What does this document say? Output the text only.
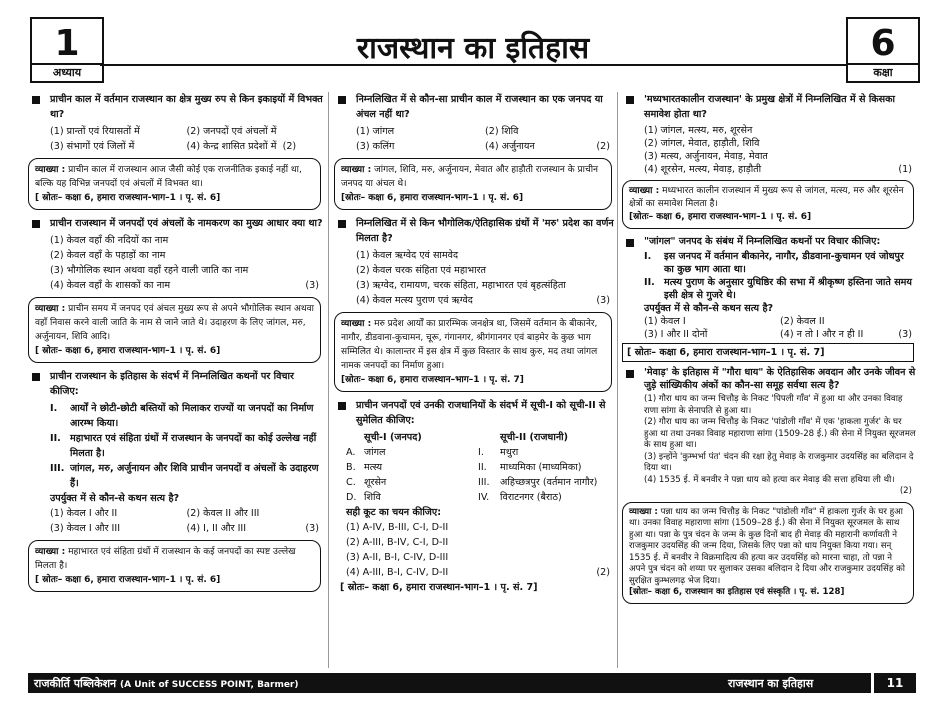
1
अध्याय
राजस्थान का इतिहास	6
कक्षा
प्राचीन काल में वर्तमान राजस्थान का क्षेत्र मुख्य रुप से किन इकाइयों में विभक्त था?
(1) प्रान्तों एवं रियासतों में	(2) जनपदों एवं अंचलों में
(3) संभागों एवं जिलों में	(4) केन्द्र शासित प्रदेशों में (2)
व्याख्या : प्राचीन काल में राजस्थान आज जैसी कोई एक राजनीतिक इकाई नहीं था, बल्कि यह विभिन्न जनपदों एवं अंचलों में विभक्त था।
[ स्रोतः– कक्षा 6, हमारा राजस्थान-भाग–1 । पृ. सं. 6]
प्राचीन राजस्थान में जनपदों एवं अंचलों के नामकरण का मुख्य आधार क्या था?
(1) केवल वहाँ की नदियों का नाम
(2) केवल वहाँ के पहाड़ों का नाम
(3) भौगोलिक स्थान अथवा वहाँ रहने वाली जाति का नाम
(4) केवल वहाँ के शासकों का नाम	(3)
व्याख्या : प्राचीन समय में जनपद एवं अंचल मुख्य रूप से अपने भौगोलिक स्थान अथवा वहाँ निवास करने वाली जाति के नाम से जाने जाते थे। उदाहरण के लिए जांगल, मरु, अर्जुनायन, शिवि आदि।
[ स्रोतः– कक्षा 6, हमारा राजस्थान-भाग–1 । पृ. सं. 6]
प्राचीन राजस्थान के इतिहास के संदर्भ में निम्नलिखित कथनों पर विचार कीजिए:
I.	आर्यों ने छोटी-छोटी बस्तियों को मिलाकर राज्यों या जनपदों का निर्माण आरम्भ किया।
II. महाभारत एवं संहिता ग्रंथों में राजस्थान के जनपदों का कोई उल्लेख नहीं मिलता है।
III. जांगल, मरु, अर्जुनायन और शिवि प्राचीन जनपदों व अंचलों के उदाहरण हैं।
उपर्युक्त में से कौन-से कथन सत्य है?
(1) केवल I और II	(2) केवल II और III
(3) केवल I और III	(4) I, II और III	(3)
व्याख्या : महाभारत एवं संहिता ग्रंथों में राजस्थान के कई जनपदों का स्पष्ट उल्लेख मिलता है।
[ स्रोतः– कक्षा 6, हमारा राजस्थान-भाग–1 । पृ. सं. 6]
निम्नलिखित में से कौन-सा प्राचीन काल में राजस्थान का एक जनपद या अंचल नहीं था?
(1) जांगल	(2) शिवि
(3) कलिंग	(4) अर्जुनायन	(2)
व्याख्या : जांगल, शिवि, मरु, अर्जुनायन, मेवात और हाड़ौती राजस्थान के प्राचीन जनपद या अंचल थे।
[स्रोतः– कक्षा 6, हमारा राजस्थान-भाग–1 । पृ. सं. 6]
निम्नलिखित में से किन भौगोलिक/ऐतिहासिक ग्रंथों में 'मरु' प्रदेश का वर्णन मिलता है?
(1) केवल ऋग्वेद एवं सामवेद
(2) केवल चरक संहिता एवं महाभारत
(3) ऋग्वेद, रामायण, चरक संहिता, महाभारत एवं बृहत्संहिता
(4) केवल मत्स्य पुराण एवं ऋग्वेद	(3)
व्याख्या : मरु प्रदेश आर्यों का प्रारम्भिक जनक्षेत्र था, जिसमें वर्तमान के बीकानेर, नागौर, डीडवाना-कुचामन, चूरू, गंगानगर, श्रीगंगानगर एवं बाड़मेर के कुछ भाग सम्मिलित थे। कालान्तर में इस क्षेत्र में कुछ विस्तार के साथ कुरु, मद तथा जांगल नामक जनपदों का निर्माण हुआ।
[स्रोतः– कक्षा 6, हमारा राजस्थान–भाग–1 । पृ. सं. 7]
प्राचीन जनपदों एवं उनकी राजधानियों के संदर्भ में सूची-I को सूची-II से सुमेलित कीजिए:
सूची-I (जनपद)	सूची-II (राजधानी)
A. जांगल	I.	मथुरा
B. मत्स्य	II.	माध्यमिका (माध्यमिका)
C. शूरसेन	III.	अहिच्छत्रपुर (वर्तमान नागौर)
D. शिवि	IV.	विराटनगर (बैराठ)
सही कूट का चयन कीजिए:
(1) A-IV, B-III, C-I, D-II
(2) A-III, B-IV, C-I, D-II
(3) A-II, B-I, C-IV, D-III
(4) A-III, B-I, C-IV, D-II	(2)
[ स्रोतः– कक्षा 6, हमारा राजस्थान-भाग–1 । पृ. सं. 7]
'मध्यभारतकालीन राजस्थान' के प्रमुख क्षेत्रों में निम्नलिखित में से किसका समावेश होता था?
(1) जांगल, मत्स्य, मरु, शूरसेन
(2) जांगल, मेवात, हाड़ौती, शिवि
(3) मत्स्य, अर्जुनायन, मेवाड़, मेवात
(4) शूरसेन, मत्स्य, मेवाड़, हाड़ौती	(1)
व्याख्या : मध्यभारत कालीन राजस्थान में मुख्य रूप से जांगल, मत्स्य, मरु और शूरसेन क्षेत्रों का समावेश मिलता है।
[स्रोतः– कक्षा 6, हमारा राजस्थान-भाग–1 । पृ. सं. 6]
"जांगल" जनपद के संबंध में निम्नलिखित कथनों पर विचार कीजिए:
I.	इस जनपद में वर्तमान बीकानेर, नागौर, डीडवाना-कुचामन एवं जोधपुर का कुछ भाग आता था।
II. मत्स्य पुराण के अनुसार युधिष्ठिर की सभा में श्रीकृष्ण हस्तिना जाते समय इसी क्षेत्र से गुजरे थे।
उपर्युक्त में से कौन-से कथन सत्य है?
(1) केवल I	(2) केवल II
(3) I और II दोनों	(4) न तो I और न ही II	(3)
[ स्रोतः– कक्षा 6, हमारा राजस्थान-भाग–1 । पृ. सं. 7]
'मेवाड़' के इतिहास में "गौरा धाय" के ऐतिहासिक अवदान और उनके जीवन से जुड़े सांख्यिकीय अंकों का कौन-सा समूह सर्वथा सत्य है?
(1) गौरा धाय का जन्म चित्तौड़ के निकट 'पिपली गाँव' में हुआ था और उनका विवाह राणा सांगा के सेनापति से हुआ था।
(2) गौरा धाय का जन्म चित्तौड़ के निकट 'पांडोली गाँव' में एक 'हाकला गुर्जर' के घर हुआ था तथा उनका विवाह महाराणा सांगा (1509-28 ई.) की सेना में नियुक्त सूरजमल के साथ हुआ था।
(3) इन्होंने 'कुम्भर्भा पंत' चंदन की रक्षा हेतु मेवाड़ के राजकुमार उदयसिंह का बलिदान दे दिया था।
(4) 1535 ई. में बनवीर ने पन्ना धाय को हत्या कर मेवाड़ की सत्ता हथिया ली थी।
(2)
व्याख्या : पन्ना धाय का जन्म चित्तौड़ के निकट "पांडोली गाँव" में हाकला गुर्जर के घर हुआ था। उनका विवाह महाराणा सांगा (1509–28 ई.) की सेना में नियुक्त सूरजमल के साथ हुआ था। पन्ना के पुत्र चंदन के जन्म के कुछ दिनों बाद ही मेवाड़ की महारानी कर्णावती ने राजकुमार उदयसिंह की जन्म दिया, जिसके लिए पन्ना को धाय नियुक्त किया गया। सन् 1535 ई. में बनवीर ने विक्रमादित्य की हत्या कर उदयसिंह को मारना चाहा, तो पन्ना ने अपने पुत्र चंदन को शय्या पर सुलाकर उसका बलिदान दे दिया और राजकुमार उदयसिंह को सुरक्षित कुम्भलगढ़ भेज दिया।
[स्रोतः– कक्षा 6, राजस्थान का इतिहास एवं संस्कृति । पृ. सं. 128]
राजकीर्ति पब्लिकेशन (A Unit of SUCCESS POINT, Barmer)	राजस्थान का इतिहास	11
